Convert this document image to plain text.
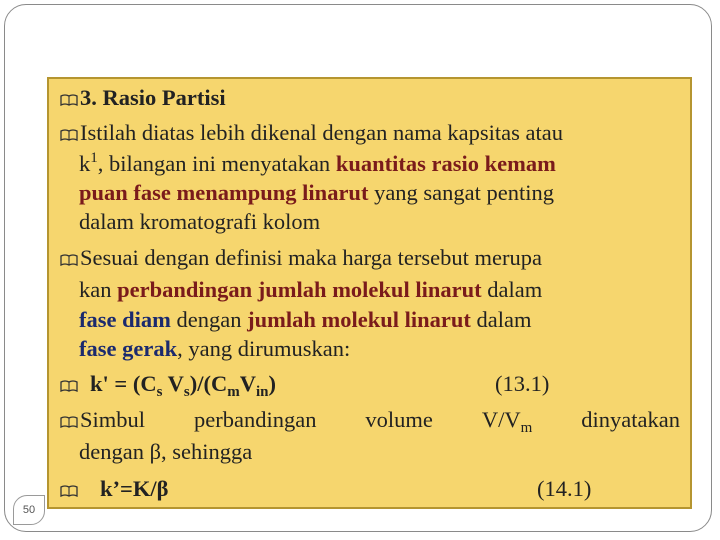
50
3. Rasio Partisi
Istilah diatas lebih dikenal dengan nama kapsitas atau
$k^1$, bilangan ini menyatakan kuantitas rasio kemam
puan fase menampung linarut yang sangat penting
dalam kromatografi kolom
Sesuai dengan definisi maka harga tersebut merupa
kan perbandingan jumlah molekul linarut dalam
fase diam dengan jumlah molekul linarut dalam
fase gerak, yang dirumuskan:
$k' = (C_s$ $V_s)/(C_mV_{in})$	(13.1)
Simbul perbandingan volume $V/V_m$ dinyatakan
dengan β, sehingga
k’=K/β	(14.1)
